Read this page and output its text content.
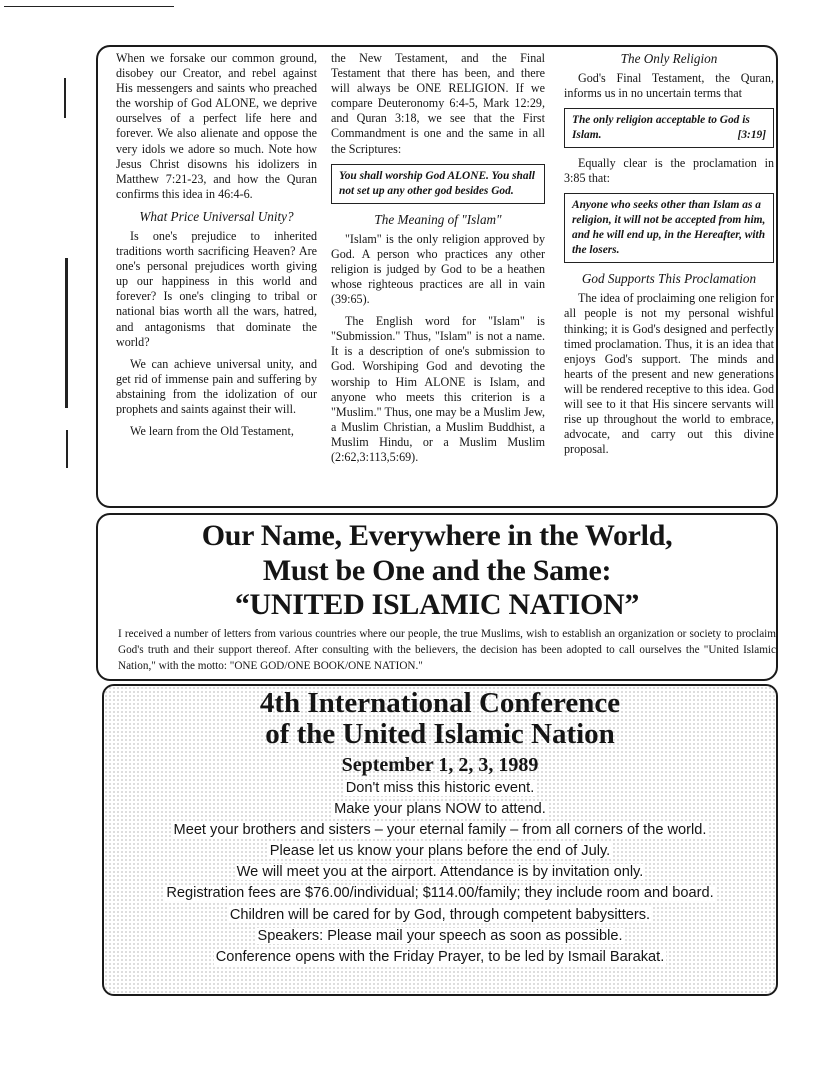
When we forsake our common ground, disobey our Creator, and rebel against His messengers and saints who preached the worship of God ALONE, we deprive ourselves of a perfect life here and forever. We also alienate and oppose the very idols we adore so much. Note how Jesus Christ disowns his idolizers in Matthew 7:21-23, and how the Quran confirms this idea in 46:4-6.

What Price Universal Unity?

Is one's prejudice to inherited traditions worth sacrificing Heaven? Are one's personal prejudices worth giving up our happiness in this world and forever? Is one's clinging to tribal or national bias worth all the wars, hatred, and antagonisms that dominate the world?

We can achieve universal unity, and get rid of immense pain and suffering by abstaining from the idolization of our prophets and saints against their will.

We learn from the Old Testament,

the New Testament, and the Final Testament that there has been, and there will always be ONE RELIGION. If we compare Deuteronomy 6:4-5, Mark 12:29, and Quran 3:18, we see that the First Commandment is one and the same in all the Scriptures:

You shall worship God ALONE. You shall not set up any other god besides God.
The Meaning of "Islam"

"Islam" is the only religion approved by God. A person who practices any other religion is judged by God to be a heathen whose righteous practices are all in vain (39:65).

The English word for "Islam" is "Submission." Thus, "Islam" is not a name. It is a description of one's submission to God. Worshiping God and devoting the worship to Him ALONE is Islam, and anyone who meets this criterion is a "Muslim." Thus, one may be a Muslim Jew, a Muslim Christian, a Muslim Buddhist, a Muslim Hindu, or a Muslim Muslim (2:62,3:113,5:69).

The Only Religion

God's Final Testament, the Quran, informs us in no uncertain terms that

The only religion acceptable to God is Islam.	[3:19]

Equally clear is the proclamation in 3:85 that:

Anyone who seeks other than Islam as a religion, it will not be accepted from him, and he will end up, in the Hereafter, with the losers.
God Supports This Proclamation

The idea of proclaiming one religion for all people is not my personal wishful thinking; it is God's designed and perfectly timed proclamation. Thus, it is an idea that enjoys God's support. The minds and hearts of the present and new generations will be rendered receptive to this idea. God will see to it that His sincere servants will rise up throughout the world to embrace, advocate, and carry out this divine proposal.

Our Name, Everywhere in the World,
Must be One and the Same:
“UNITED ISLAMIC NATION”
I received a number of letters from various countries where our people, the true Muslims, wish to establish an organization or society to proclaim God's truth and their support thereof. After consulting with the believers, the decision has been adopted to call ourselves the "United Islamic Nation," with the motto: "ONE GOD/ONE BOOK/ONE NATION."
4th International Conference
of the United Islamic Nation
September 1, 2, 3, 1989
Don't miss this historic event.
Make your plans NOW to attend.
Meet your brothers and sisters – your eternal family – from all corners of the world.
Please let us know your plans before the end of July.
We will meet you at the airport. Attendance is by invitation only.
Registration fees are $76.00/individual; $114.00/family; they include room and board.
Children will be cared for by God, through competent babysitters.
Speakers: Please mail your speech as soon as possible.
Conference opens with the Friday Prayer, to be led by Ismail Barakat.
